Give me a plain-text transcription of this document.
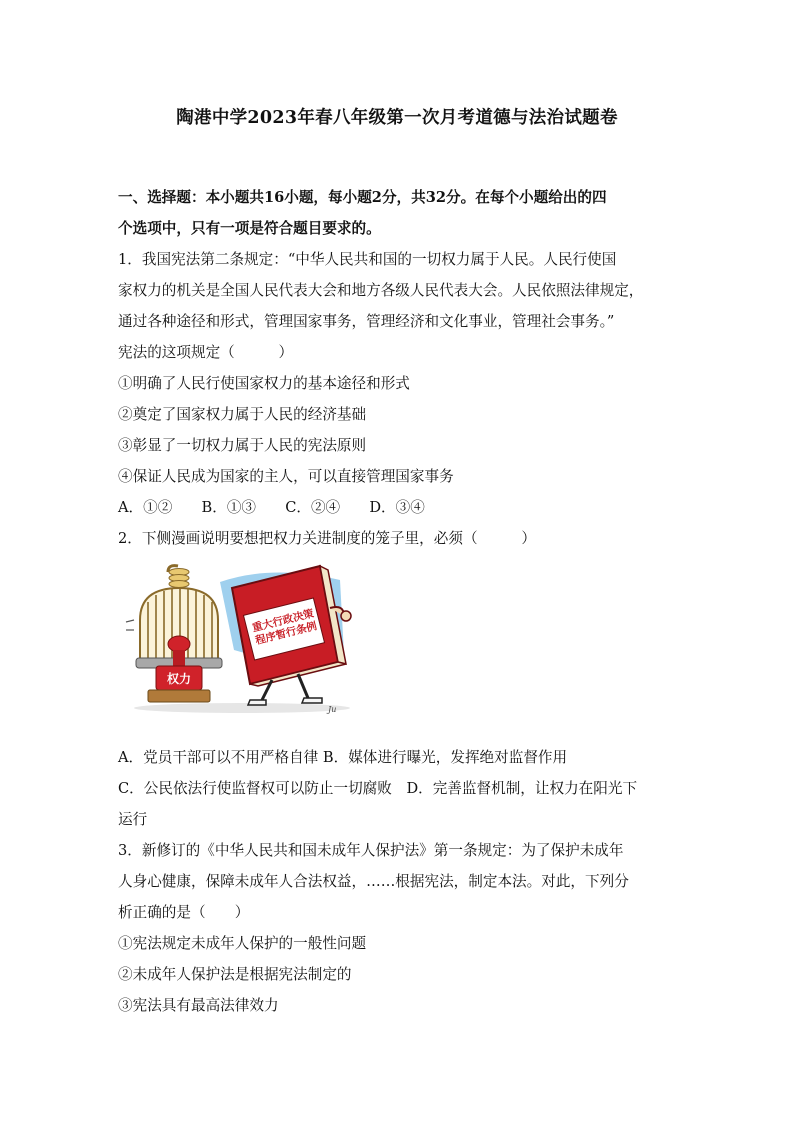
陶港中学2023年春八年级第一次月考道德与法治试题卷
一、选择题：本小题共16小题，每小题2分，共32分。在每个小题给出的四
个选项中，只有一项是符合题目要求的。
1．我国宪法第二条规定：“中华人民共和国的一切权力属于人民。人民行使国
家权力的机关是全国人民代表大会和地方各级人民代表大会。人民依照法律规定，
通过各种途径和形式，管理国家事务，管理经济和文化事业，管理社会事务。”
宪法的这项规定（　　　）
①明确了人民行使国家权力的基本途径和形式
②奠定了国家权力属于人民的经济基础
③彰显了一切权力属于人民的宪法原则
④保证人民成为国家的主人，可以直接管理国家事务
A．①②　　B．①③　　C．②④　　D．③④
2．下侧漫画说明要想把权力关进制度的笼子里，必须（　　　）
权力
重大行政决策程序暂行条例
Ju
A．党员干部可以不用严格自律 B．媒体进行曝光，发挥绝对监督作用
C．公民依法行使监督权可以防止一切腐败　D．完善监督机制，让权力在阳光下
运行
3．新修订的《中华人民共和国未成年人保护法》第一条规定：为了保护未成年
人身心健康，保障未成年人合法权益，……根据宪法，制定本法。对此，下列分
析正确的是（　　）
①宪法规定未成年人保护的一般性问题
②未成年人保护法是根据宪法制定的
③宪法具有最高法律效力
